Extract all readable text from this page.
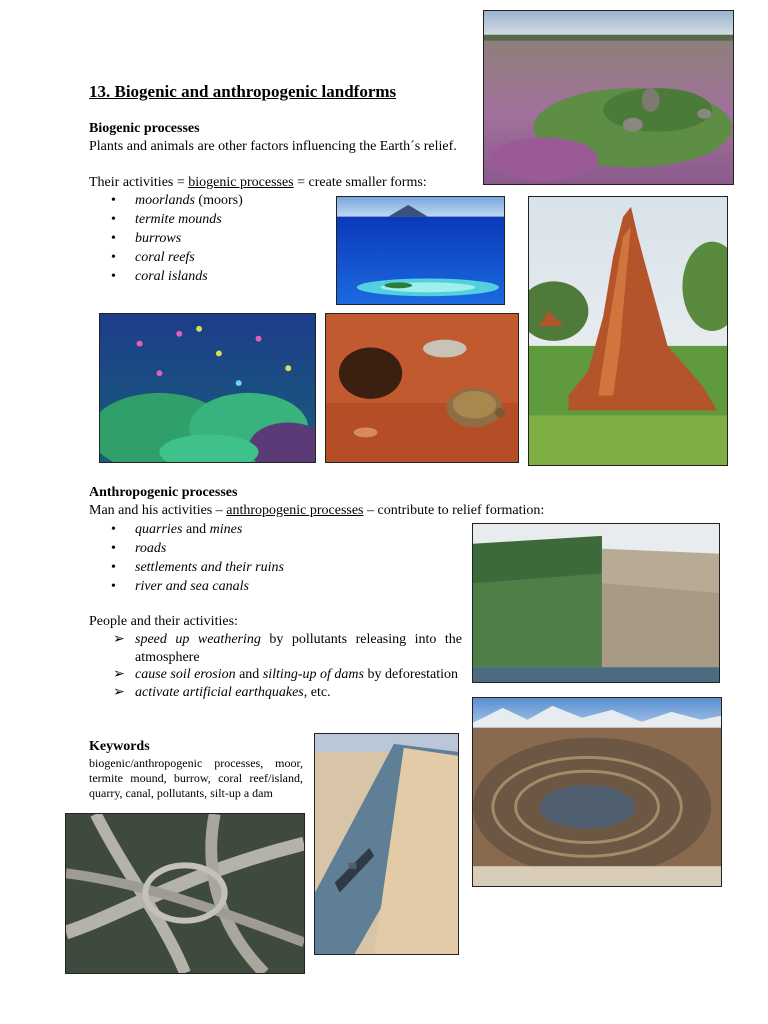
13. Biogenic and anthropogenic landforms
Biogenic processes
Plants and animals are other factors influencing the Earth´s relief.
Their activities = biogenic processes = create smaller forms:
• moorlands (moors)
• termite mounds
• burrows
• coral reefs
• coral islands
Anthropogenic processes
Man and his activities – anthropogenic processes – contribute to relief formation:
• quarries and mines
• roads
• settlements and their ruins
• river and sea canals
People and their activities:
➢ speed up weathering by pollutants releasing into the atmosphere
➢ cause soil erosion and silting-up of dams by deforestation
➢ activate artificial earthquakes, etc.
Keywords
biogenic/anthropogenic processes, moor, termite mound, burrow, coral reef/island, quarry, canal, pollutants, silt-up a dam
